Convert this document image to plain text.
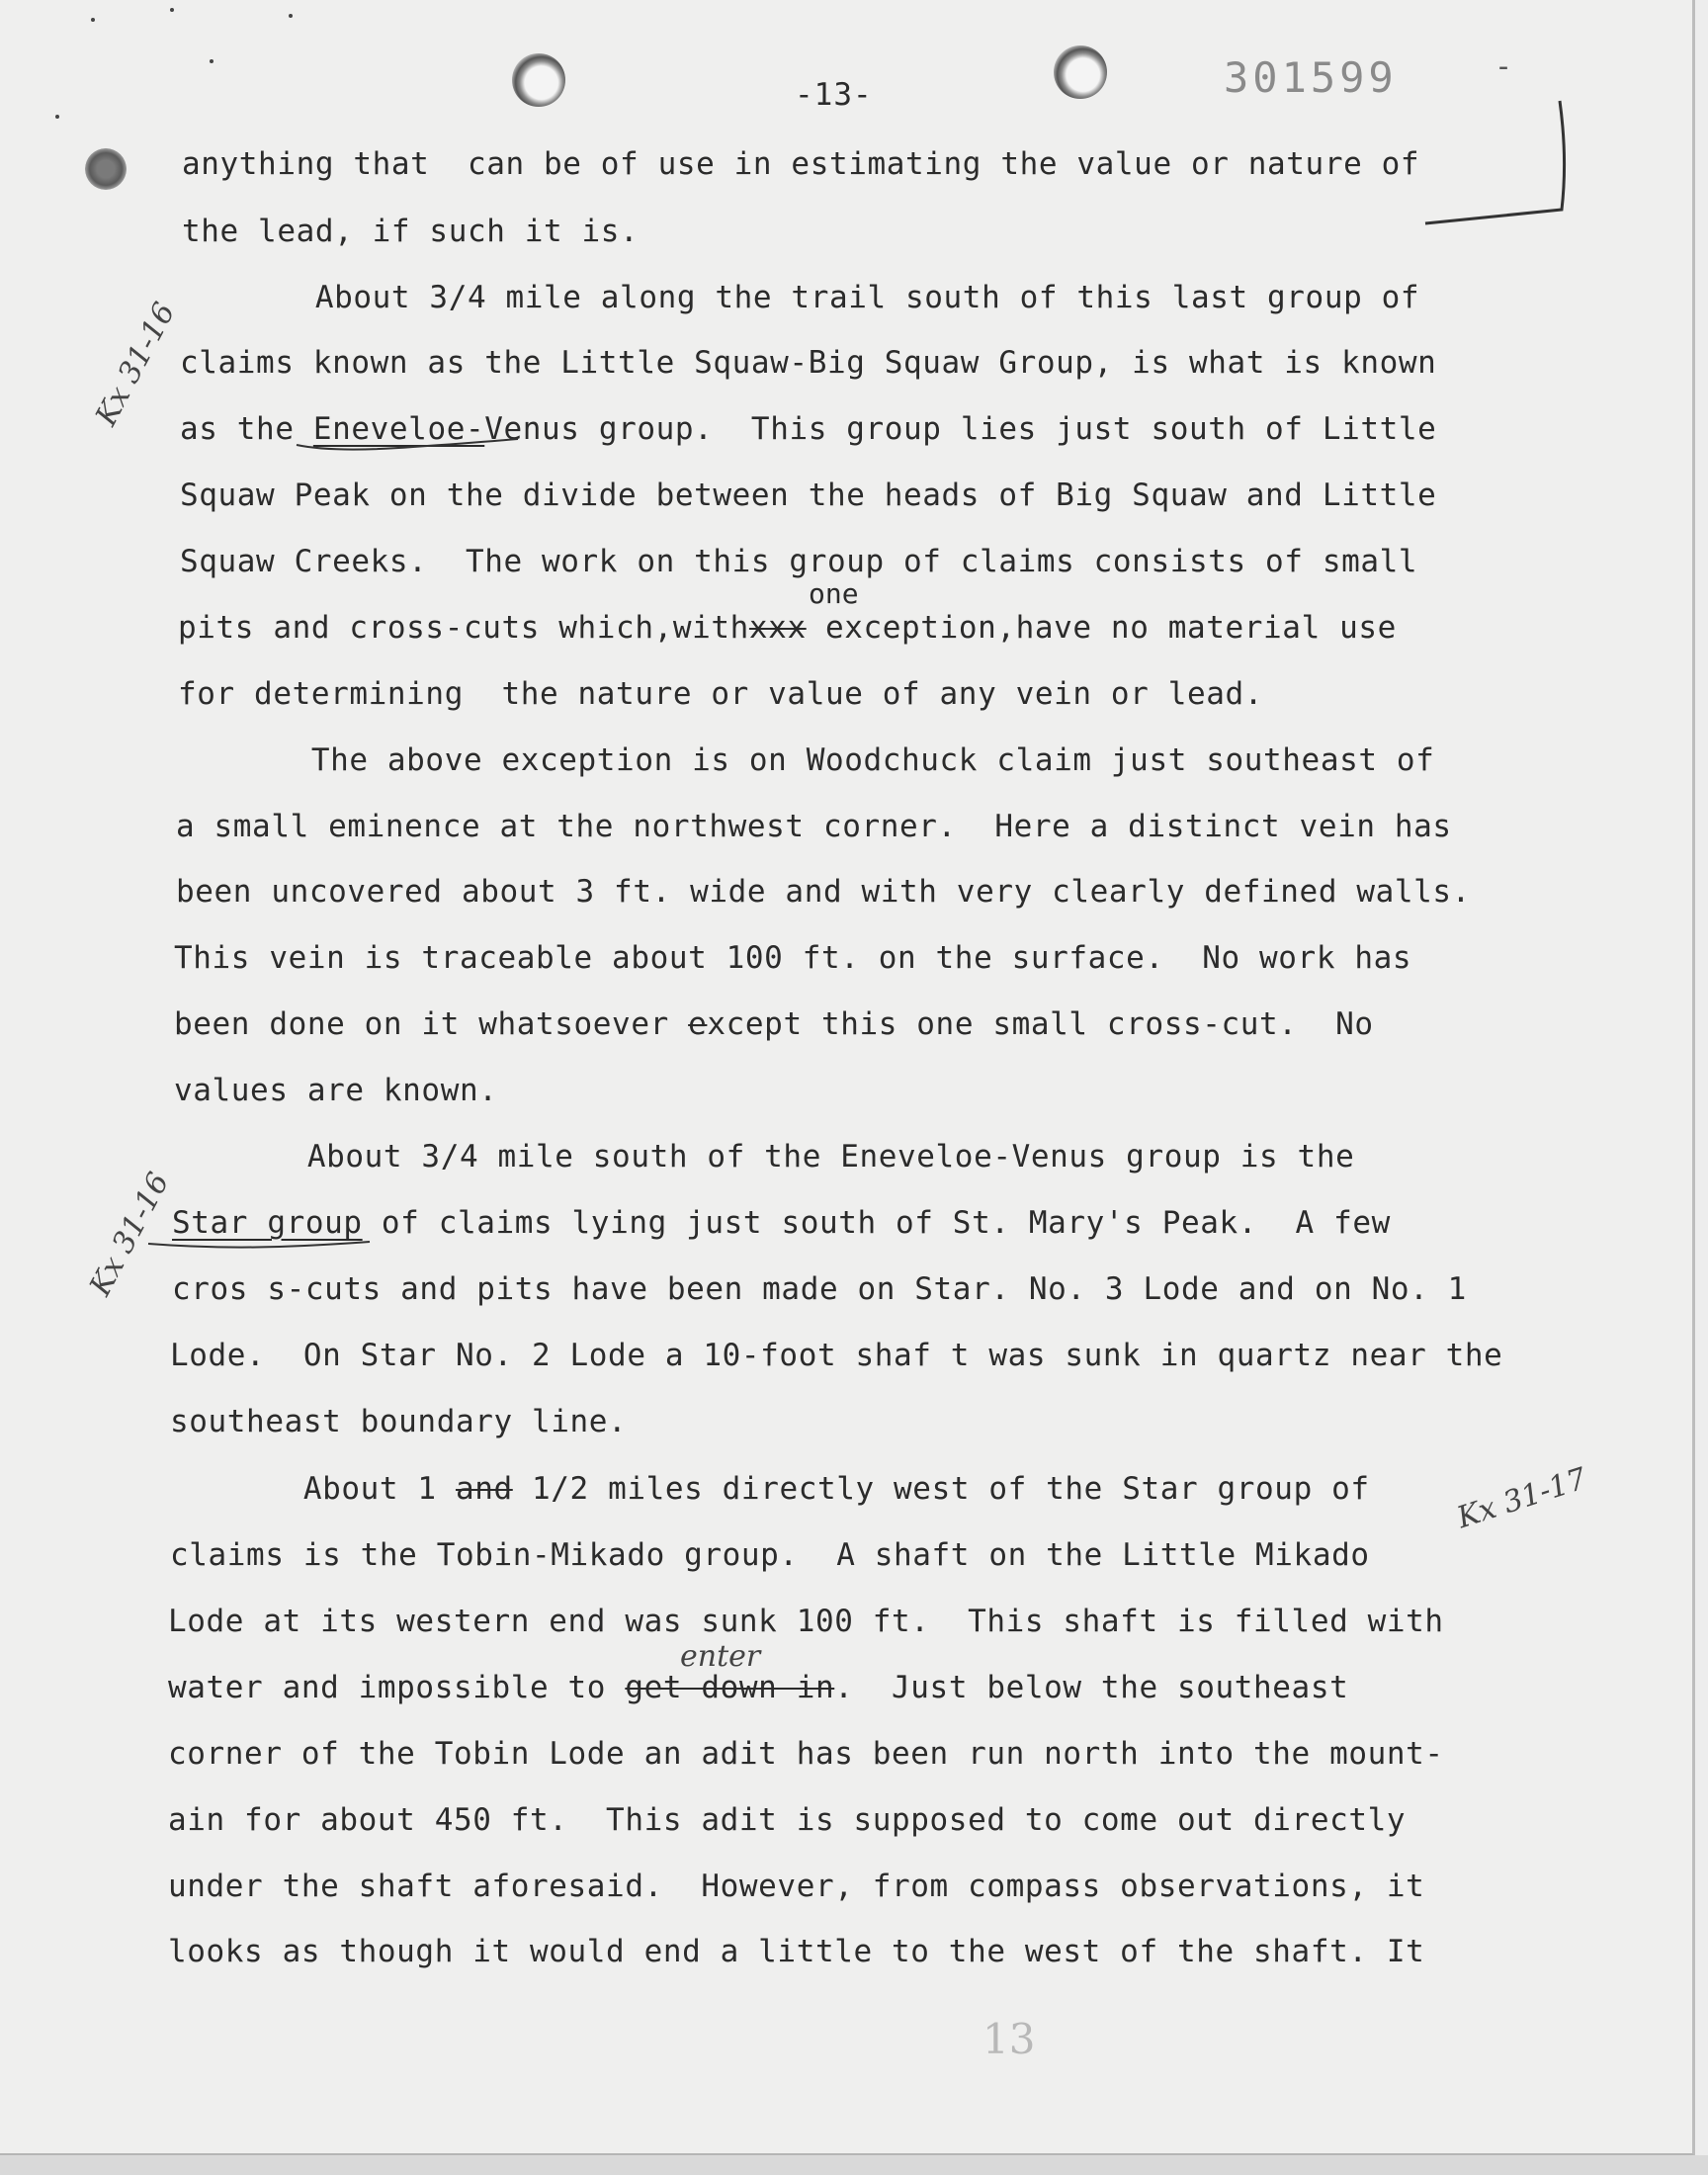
-13-	301599	-
anything that  can be of use in estimating the value or nature of
the lead, if such it is.
About 3/4 mile along the trail south of this last group of
claims known as the Little Squaw-Big Squaw Group, is what is known
as the Eneveloe-Venus group.  This group lies just south of Little
Squaw Peak on the divide between the heads of Big Squaw and Little
Squaw Creeks.  The work on this group of claims consists of small
one
pits and cross-cuts which,withxxx exception,have no material use
for determining  the nature or value of any vein or lead.
The above exception is on Woodchuck claim just southeast of
a small eminence at the northwest corner.  Here a distinct vein has
been uncovered about 3 ft. wide and with very clearly defined walls.
This vein is traceable about 100 ft. on the surface.  No work has
been done on it whatsoever except this one small cross-cut.  No
values are known.
About 3/4 mile south of the Eneveloe-Venus group is the
Star group of claims lying just south of St. Mary's Peak.  A few
cros s-cuts and pits have been made on Star. No. 3 Lode and on No. 1
Lode.  On Star No. 2 Lode a 10-foot shaf t was sunk in quartz near the
southeast boundary line.
About 1 and 1/2 miles directly west of the Star group of
claims is the Tobin-Mikado group.  A shaft on the Little Mikado
Lode at its western end was sunk 100 ft.  This shaft is filled with
enter
water and impossible to get down in.  Just below the southeast
corner of the Tobin Lode an adit has been run north into the mount-
ain for about 450 ft.  This adit is supposed to come out directly
under the shaft aforesaid.  However, from compass observations, it
looks as though it would end a little to the west of the shaft. It
Kx 31-16
Kx 31-16
Kx 31-17
13
